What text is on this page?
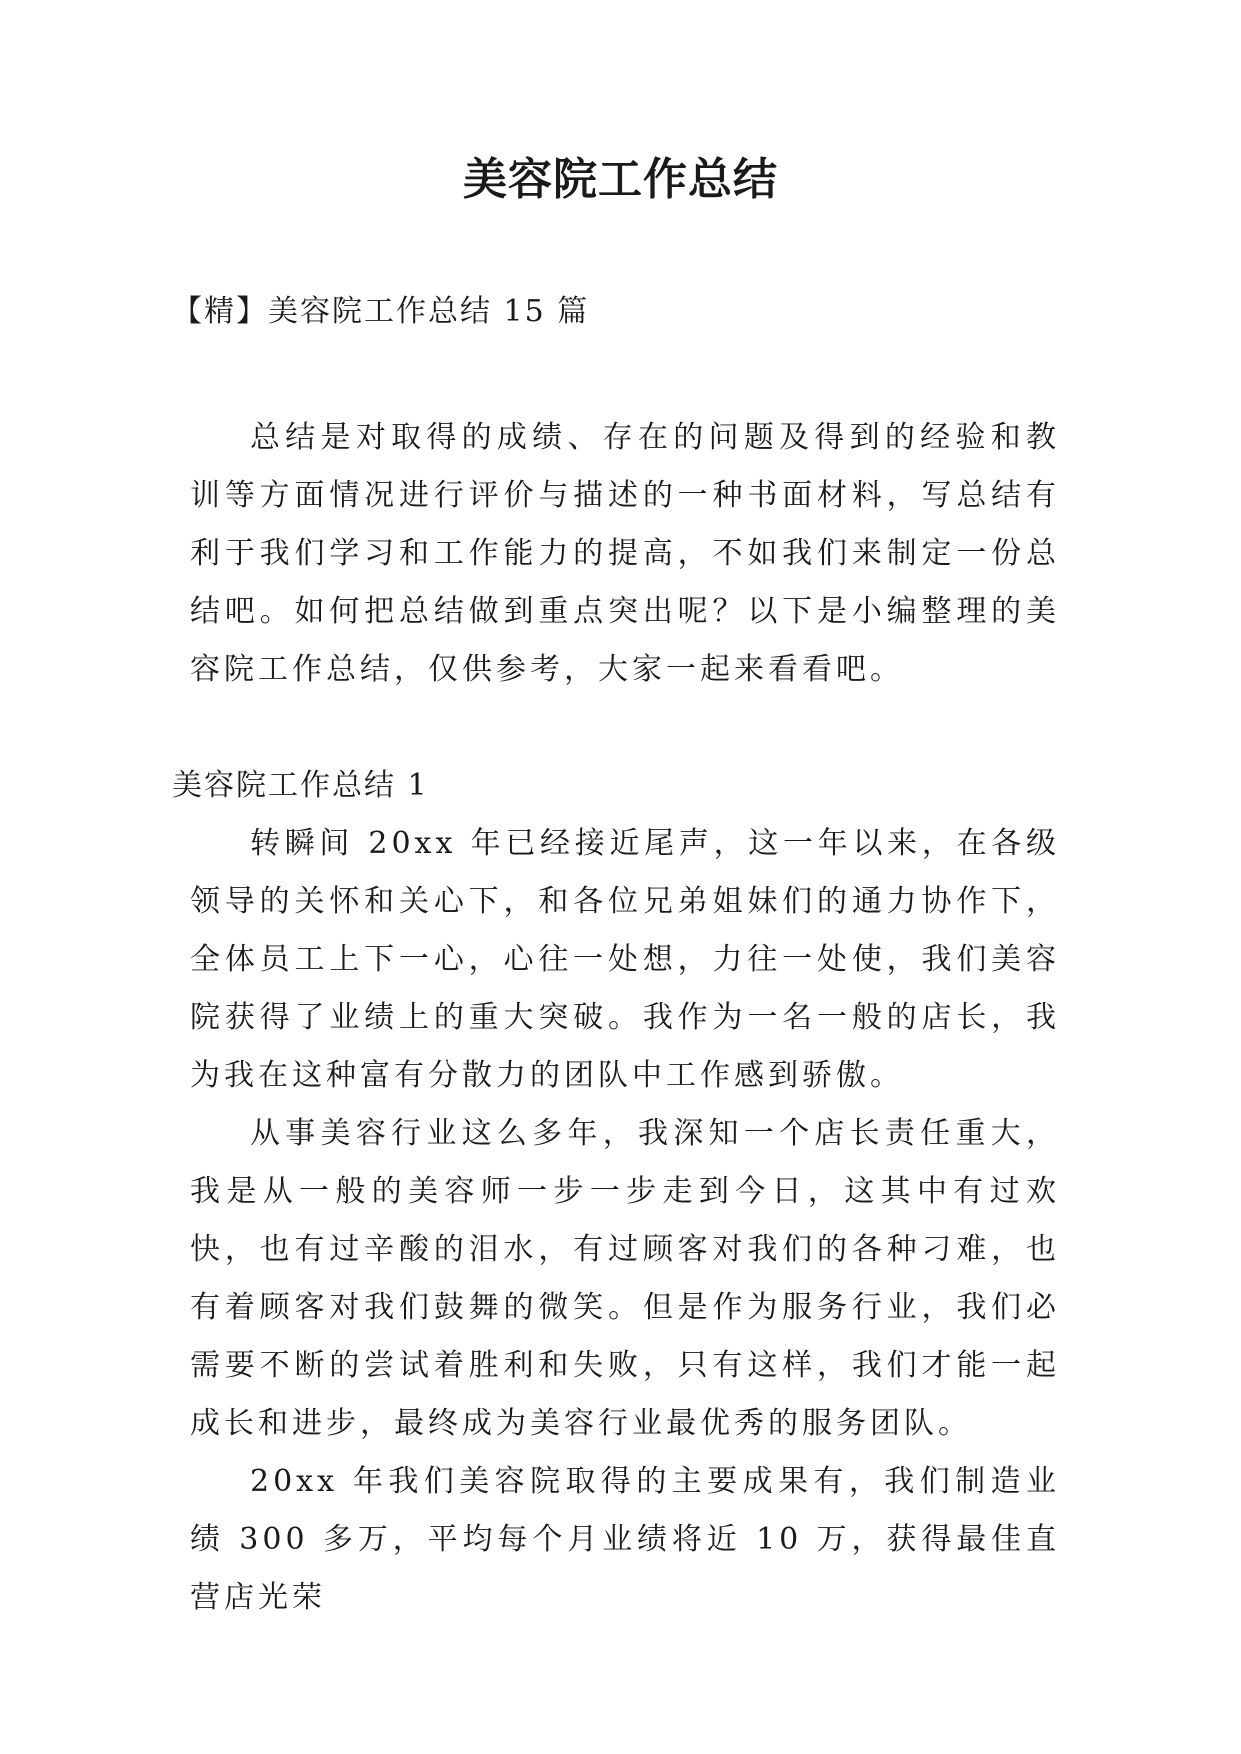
美容院工作总结

【精】美容院工作总结 15 篇

总结是对取得的成绩、存在的问题及得到的经验和教训等方面情况进行评价与描述的一种书面材料，写总结有利于我们学习和工作能力的提高，不如我们来制定一份总结吧。如何把总结做到重点突出呢？以下是小编整理的美容院工作总结，仅供参考，大家一起来看看吧。

美容院工作总结 1

转瞬间 20xx 年已经接近尾声，这一年以来，在各级领导的关怀和关心下，和各位兄弟姐妹们的通力协作下，全体员工上下一心，心往一处想，力往一处使，我们美容院获得了业绩上的重大突破。我作为一名一般的店长，我为我在这种富有分散力的团队中工作感到骄傲。

从事美容行业这么多年，我深知一个店长责任重大，我是从一般的美容师一步一步走到今日，这其中有过欢快，也有过辛酸的泪水，有过顾客对我们的各种刁难，也有着顾客对我们鼓舞的微笑。但是作为服务行业，我们必需要不断的尝试着胜利和失败，只有这样，我们才能一起成长和进步，最终成为美容行业最优秀的服务团队。

20xx 年我们美容院取得的主要成果有，我们制造业绩 300 多万，平均每个月业绩将近 10 万，获得最佳直营店光荣
